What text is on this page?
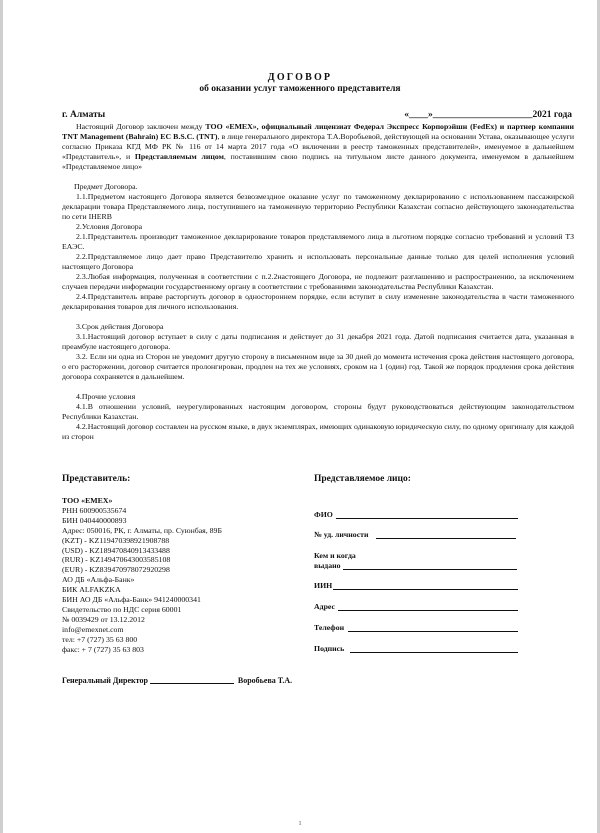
ДОГОВОР
об оказании услуг таможенного представителя
г. Алматы	«____»_____________________2021 года

Настоящий Договор заключен между ТОО «EMEX», официальный лицензиат Федерал Экспресс Корпорэйшн (FedEx) и партнер компании TNT Management (Bahrain) EC B.S.C. (TNT), в лице генерального директора Т.А.Воробьевой, действующей на основании Устава, оказывающее услуги согласно Приказа КГД МФ РК № 116 от 14 марта 2017 года «О включении в реестр таможенных представителей», именуемое в дальнейшем «Представитель», и Представляемым лицом, поставившим свою подпись на титульном листе данного документа, именуемом в дальнейшем «Представляемое лицо»

Предмет Договора.

1.1.Предметом настоящего Договора является безвозмездное оказание услуг по таможенному декларированию с использованием пассажирской декларации товара Представляемого лица, поступившего на таможенную территорию Республики Казахстан согласно действующего законодательства по сети IHERB

2.Условия Договора

2.1.Представитель производит таможенное декларирование товаров представляемого лица в льготном порядке согласно требований и условий ТЗ ЕАЭС.

2.2.Представляемое лицо дает право Представителю хранить и использовать персональные данные только для целей исполнения условий настоящего Договора

2.3.Любая информация, полученная в соответствии с п.2.2настоящего Договора, не подлежит разглашению и распространению, за исключением случаев передачи информации государственному органу в соответствии с требованиями законодательства Республики Казахстан.

2.4.Представитель вправе расторгнуть договор в одностороннем порядке, если вступит в силу изменение законодательства в части таможенного декларирования товаров для личного использования.

3.Срок действия Договора

3.1.Настоящий договор вступает в силу с даты подписания и действует до 31 декабря 2021 года. Датой подписания считается дата, указанная в преамбуле настоящего договора.

3.2. Если ни одна из Сторон не уведомит другую сторону в письменном виде за 30 дней до момента истечения срока действия настоящего договора, о его расторжении, договор считается пролонгирован, продлен на тех же условиях, сроком на 1 (один) год. Такой же порядок продления срока действия договора сохраняется в дальнейшем.

4.Прочие условия

4.1.В отношении условий, неурегулированных настоящим договором, стороны будут руководствоваться действующим законодательством Республики Казахстан.

4.2.Настоящий договор составлен на русском языке, в двух экземплярах, имеющих одинаковую юридическую силу, по одному оригиналу для каждой из сторон

Представитель:	Представляемое лицо:
ТОО «EMEX»
РНН 600900535674
БИН 040440000893
Адрес: 050016, РК, г. Алматы, пр. Суюнбая, 89Б
(KZT) - KZ119470398921908788
(USD) - KZ189470840913433488
(RUR) - KZ149470643003585108
(EUR) - KZ839470978072920298
АО ДБ «Альфа-Банк»
БИК ALFAKZKA
БИН АО ДБ «Альфа-Банк» 941240000341
Свидетельство по НДС серия 60001
№ 0039429 от 13.12.2012
info@emexnet.com
тел: +7 (727) 35 63 800
факс: + 7 (727) 35 63 803
Генеральный Директор	Воробьева Т.А.
ФИО
№ уд. личности
Кем и когда
выдано
ИИН
Адрес
Телефон
Подпись
1
